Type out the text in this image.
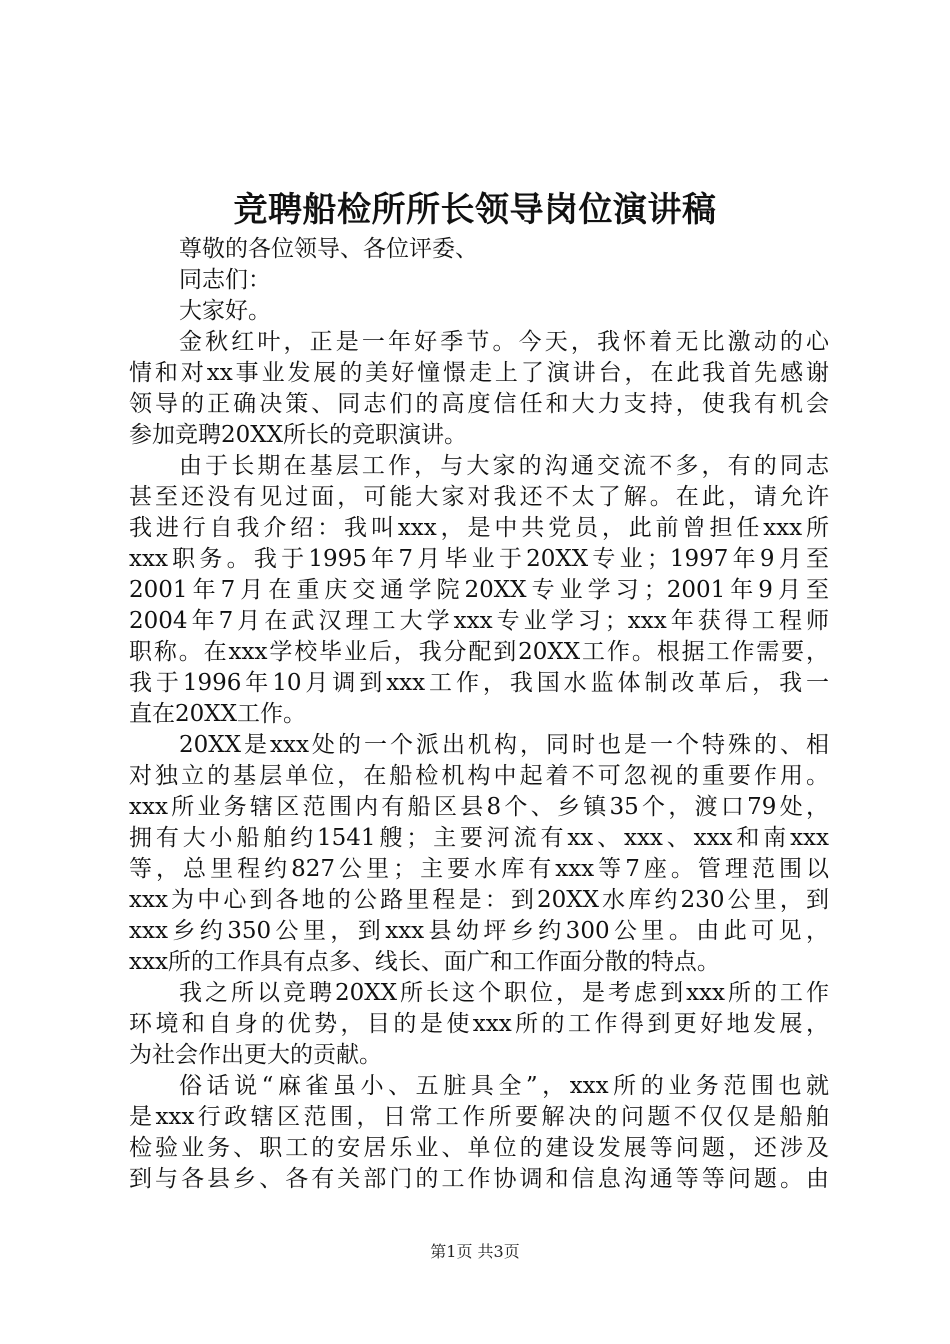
竞聘船检所所长领导岗位演讲稿
尊敬的各位领导、各位评委、
同志们：
大家好。
金秋红叶，正是一年好季节。今天，我怀着无比激动的心
情和对xx事业发展的美好憧憬走上了演讲台，在此我首先感谢
领导的正确决策、同志们的高度信任和大力支持，使我有机会
参加竞聘20XX所长的竞职演讲。
由于长期在基层工作，与大家的沟通交流不多，有的同志
甚至还没有见过面，可能大家对我还不太了解。在此，请允许
我进行自我介绍：我叫xxx，是中共党员，此前曾担任xxx所
xxx职务。我于1995年7月毕业于20XX专业；1997年9月至
2001年7月在重庆交通学院20XX专业学习；2001年9月至
2004年7月在武汉理工大学xxx专业学习；xxx年获得工程师
职称。在xxx学校毕业后，我分配到20XX工作。根据工作需要，
我于1996年10月调到xxx工作，我国水监体制改革后，我一
直在20XX工作。
20XX是xxx处的一个派出机构，同时也是一个特殊的、相
对独立的基层单位，在船检机构中起着不可忽视的重要作用。
xxx所业务辖区范围内有船区县8个、乡镇35个，渡口79处，
拥有大小船舶约1541艘；主要河流有xx、xxx、xxx和南xxx
等，总里程约827公里；主要水库有xxx等7座。管理范围以
xxx为中心到各地的公路里程是：到20XX水库约230公里，到
xxx乡约350公里，到xxx县幼坪乡约300公里。由此可见，
xxx所的工作具有点多、线长、面广和工作面分散的特点。
我之所以竞聘20XX所长这个职位，是考虑到xxx所的工作
环境和自身的优势，目的是使xxx所的工作得到更好地发展，
为社会作出更大的贡献。
俗话说“麻雀虽小、五脏具全”，xxx所的业务范围也就
是xxx行政辖区范围，日常工作所要解决的问题不仅仅是船舶
检验业务、职工的安居乐业、单位的建设发展等问题，还涉及
到与各县乡、各有关部门的工作协调和信息沟通等等问题。由
第1页 共3页
